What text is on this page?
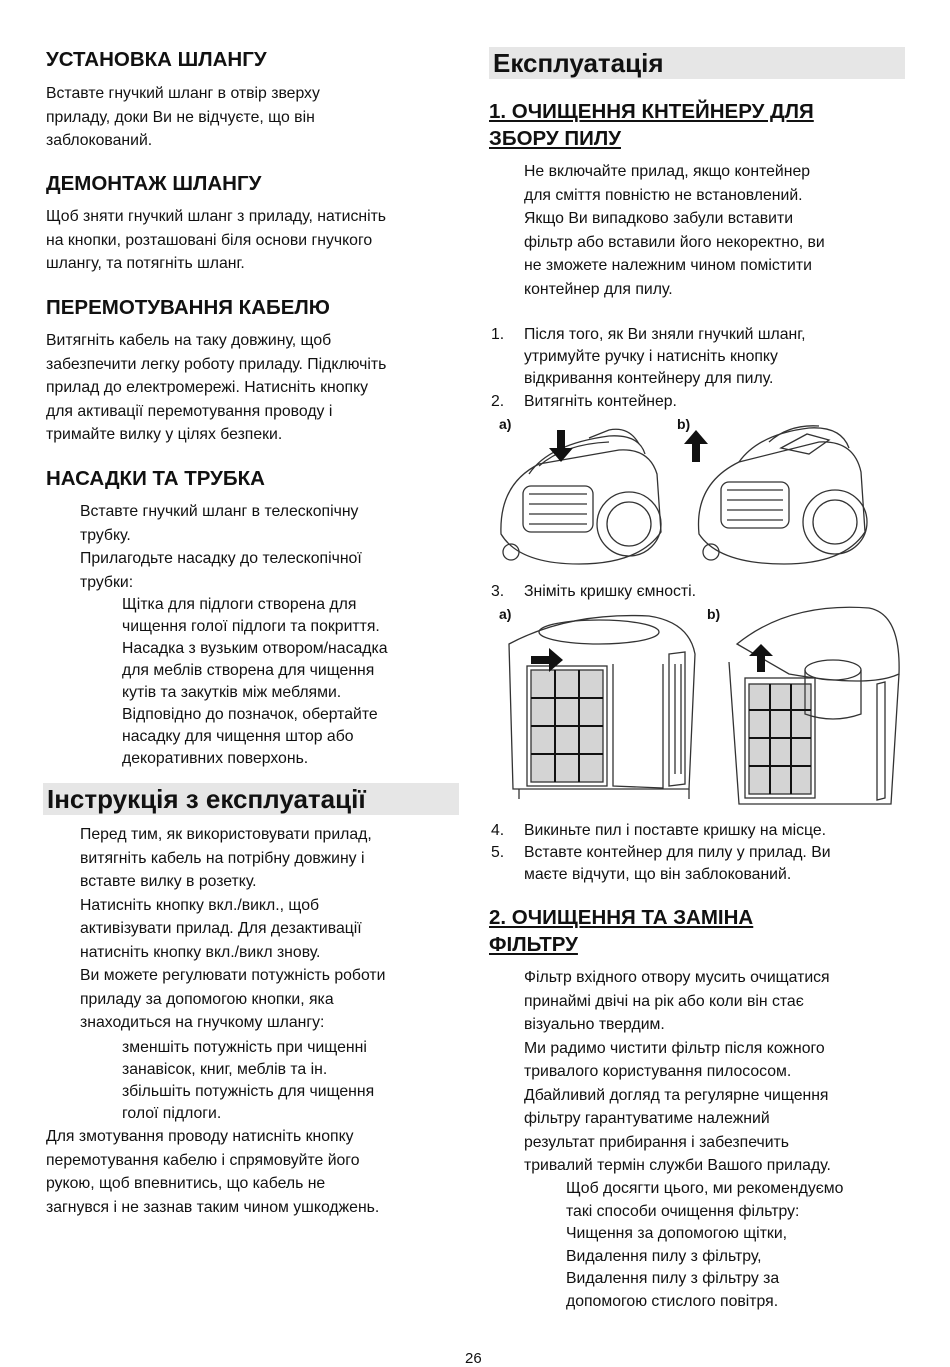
УСТАНОВКА ШЛАНГУ
Вставте гнучкий шланг в отвір зверху
приладу, доки Ви не відчуєте, що він
заблокований.
ДЕМОНТАЖ ШЛАНГУ
Щоб зняти гнучкий шланг з приладу, натисніть
на кнопки, розташовані біля основи гнучкого
шлангу, та потягніть шланг.
ПЕРЕМОТУВАННЯ КАБЕЛЮ
Витягніть кабель на таку довжину, щоб
забезпечити легку роботу приладу. Підключіть
прилад до електромережі. Натисніть кнопку
для активації перемотування проводу і
тримайте вилку у цілях безпеки.
НАСАДКИ ТА ТРУБКА
Вставте гнучкий шланг в телескопічну
трубку.
Прилагодьте насадку до телескопічної
трубки:
Щітка для підлоги створена для
чищення голої підлоги та покриття.
Насадка з вузьким отвором/насадка
для меблів створена для чищення
кутів та закутків між меблями.
Відповідно до позначок, обертайте
насадку для чищення штор або
декоративних поверхонь.
Інструкція з експлуатації
Перед тим, як використовувати прилад,
витягніть кабель на потрібну довжину і
вставте вилку в розетку.
Натисніть кнопку вкл./викл., щоб
активізувати прилад. Для дезактивації
натисніть кнопку вкл./викл знову.
Ви можете регулювати потужність роботи
приладу за допомогою кнопки, яка
знаходиться на гнучкому шлангу:
зменшіть потужність при чищенні
занавісок, книг, меблів та ін.
збільшіть потужність для чищення
голої підлоги.
Для змотування проводу натисніть кнопку
перемотування кабелю і спрямовуйте його
рукою, щоб впевнитись, що кабель не
загнувся і не зазнав таким чином ушкоджень.
Експлуатація
1. ОЧИЩЕННЯ КНТЕЙНЕРУ ДЛЯ
ЗБОРУ ПИЛУ
Не включайте прилад, якщо контейнер
для сміття повністю не встановлений.
Якщо Ви випадково забули вставити
фільтр або вставили його некоректно, ви
не зможете належним чином помістити
контейнер для пилу.
1. Після того, як Ви зняли гнучкий шланг,
утримуйте ручку і натисніть кнопку
відкривання контейнеру для пилу.
2. Витягніть контейнер.
a)	b)
3. Зніміть кришку ємності.
a)	b)
4. Викиньте пил і поставте кришку на місце.
5. Вставте контейнер для пилу у прилад. Ви
маєте відчути, що він заблокований.
2. ОЧИЩЕННЯ ТА ЗАМІНА
ФІЛЬТРУ
Фільтр вхідного отвору мусить очищатися
принаймі двічі на рік або коли він стає
візуально твердим.
Ми радимо чистити фільтр після кожного
тривалого користування пилососом.
Дбайливий догляд та регулярне чищення
фільтру гарантуватиме належний
результат прибирання і забезпечить
тривалий термін служби Вашого приладу.
Щоб досягти цього, ми рекомендуємо
такі способи очищення фільтру:
Чищення за допомогою щітки,
Видалення пилу з фільтру,
Видалення пилу з фільтру за
допомогою стислого повітря.
26
